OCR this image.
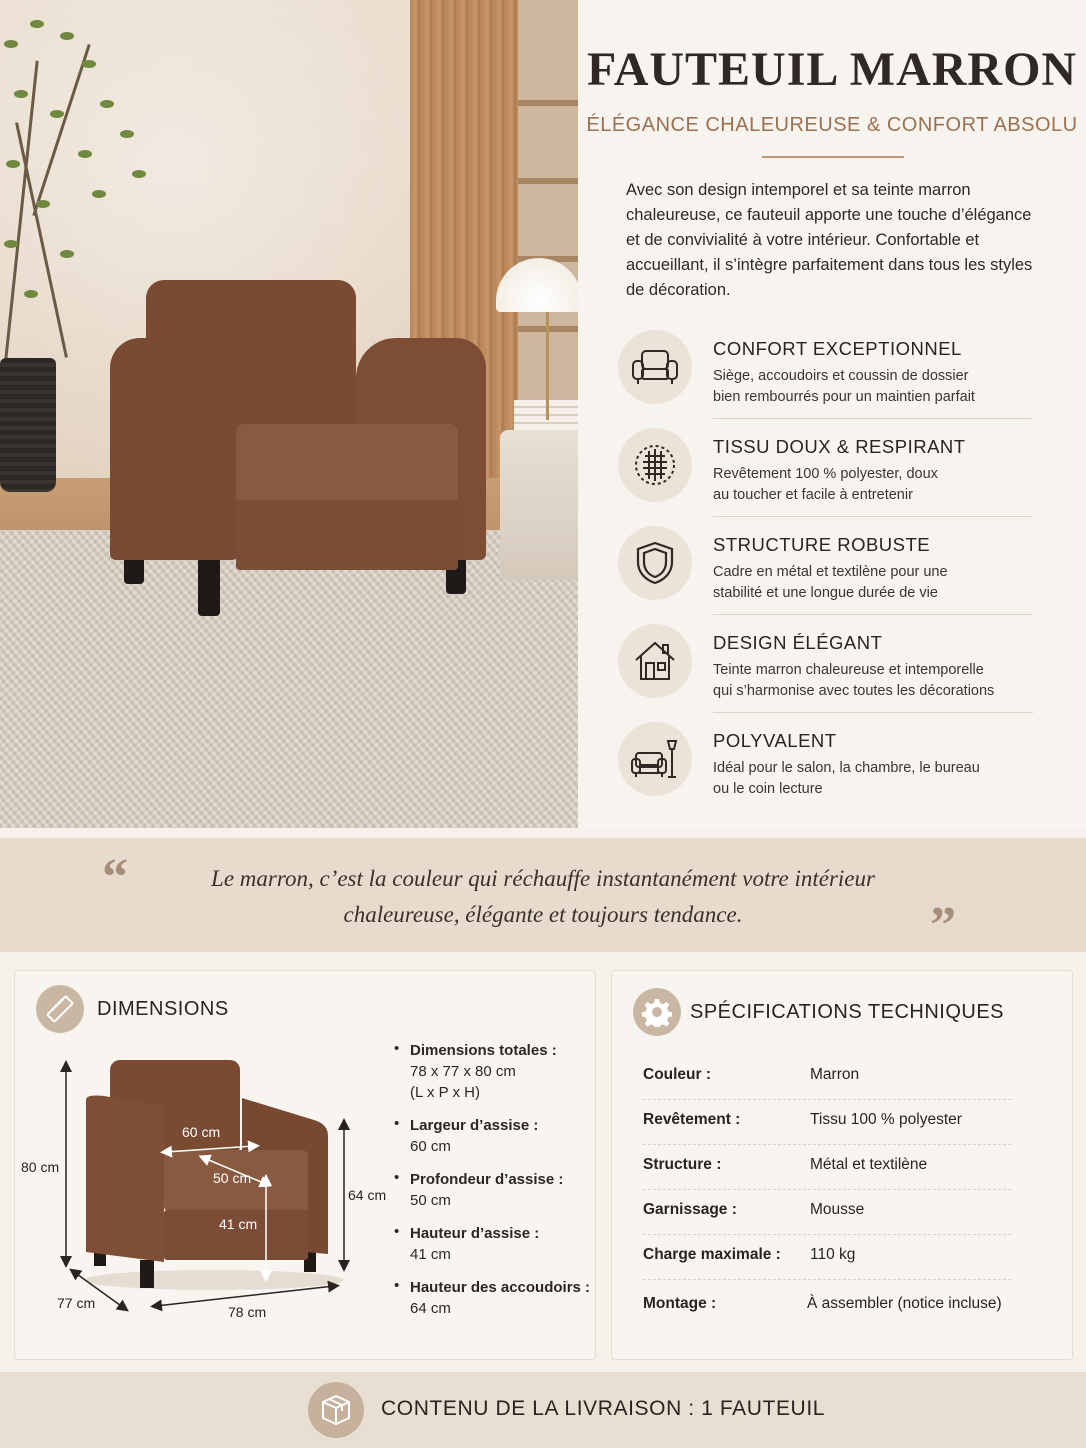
FAUTEUIL MARRON
ÉLÉGANCE CHALEUREUSE & CONFORT ABSOLU
Avec son design intemporel et sa teinte marron chaleureuse, ce fauteuil apporte une touche d’élégance et de convivialité à votre intérieur. Confortable et accueillant, il s’intègre parfaitement dans tous les styles de décoration.
CONFORT EXCEPTIONNEL
Siège, accoudoirs et coussin de dossier
bien rembourrés pour un maintien parfait
TISSU DOUX & RESPIRANT
Revêtement 100 % polyester, doux
au toucher et facile à entretenir
STRUCTURE ROBUSTE
Cadre en métal et textilène pour une
stabilité et une longue durée de vie
DESIGN ÉLÉGANT
Teinte marron chaleureuse et intemporelle
qui s’harmonise avec toutes les décorations
POLYVALENT
Idéal pour le salon, la chambre, le bureau
ou le coin lecture
“	Le marron, c’est la couleur qui réchauffe instantanément votre intérieur
chaleureuse, élégante et toujours tendance.	”
DIMENSIONS
80 cm
60 cm
50 cm
41 cm
64 cm
77 cm
78 cm
• Dimensions totales :
78 x 77 x 80 cm
(L x P x H)
• Largeur d’assise :
60 cm
• Profondeur d’assise :
50 cm
• Hauteur d’assise :
41 cm
• Hauteur des accoudoirs :
64 cm
SPÉCIFICATIONS TECHNIQUES
Couleur :	Marron
Revêtement :	Tissu 100 % polyester
Structure :	Métal et textilène
Garnissage :	Mousse
Charge maximale : 110 kg
Montage :	À assembler (notice incluse)
CONTENU DE LA LIVRAISON : 1 FAUTEUIL
